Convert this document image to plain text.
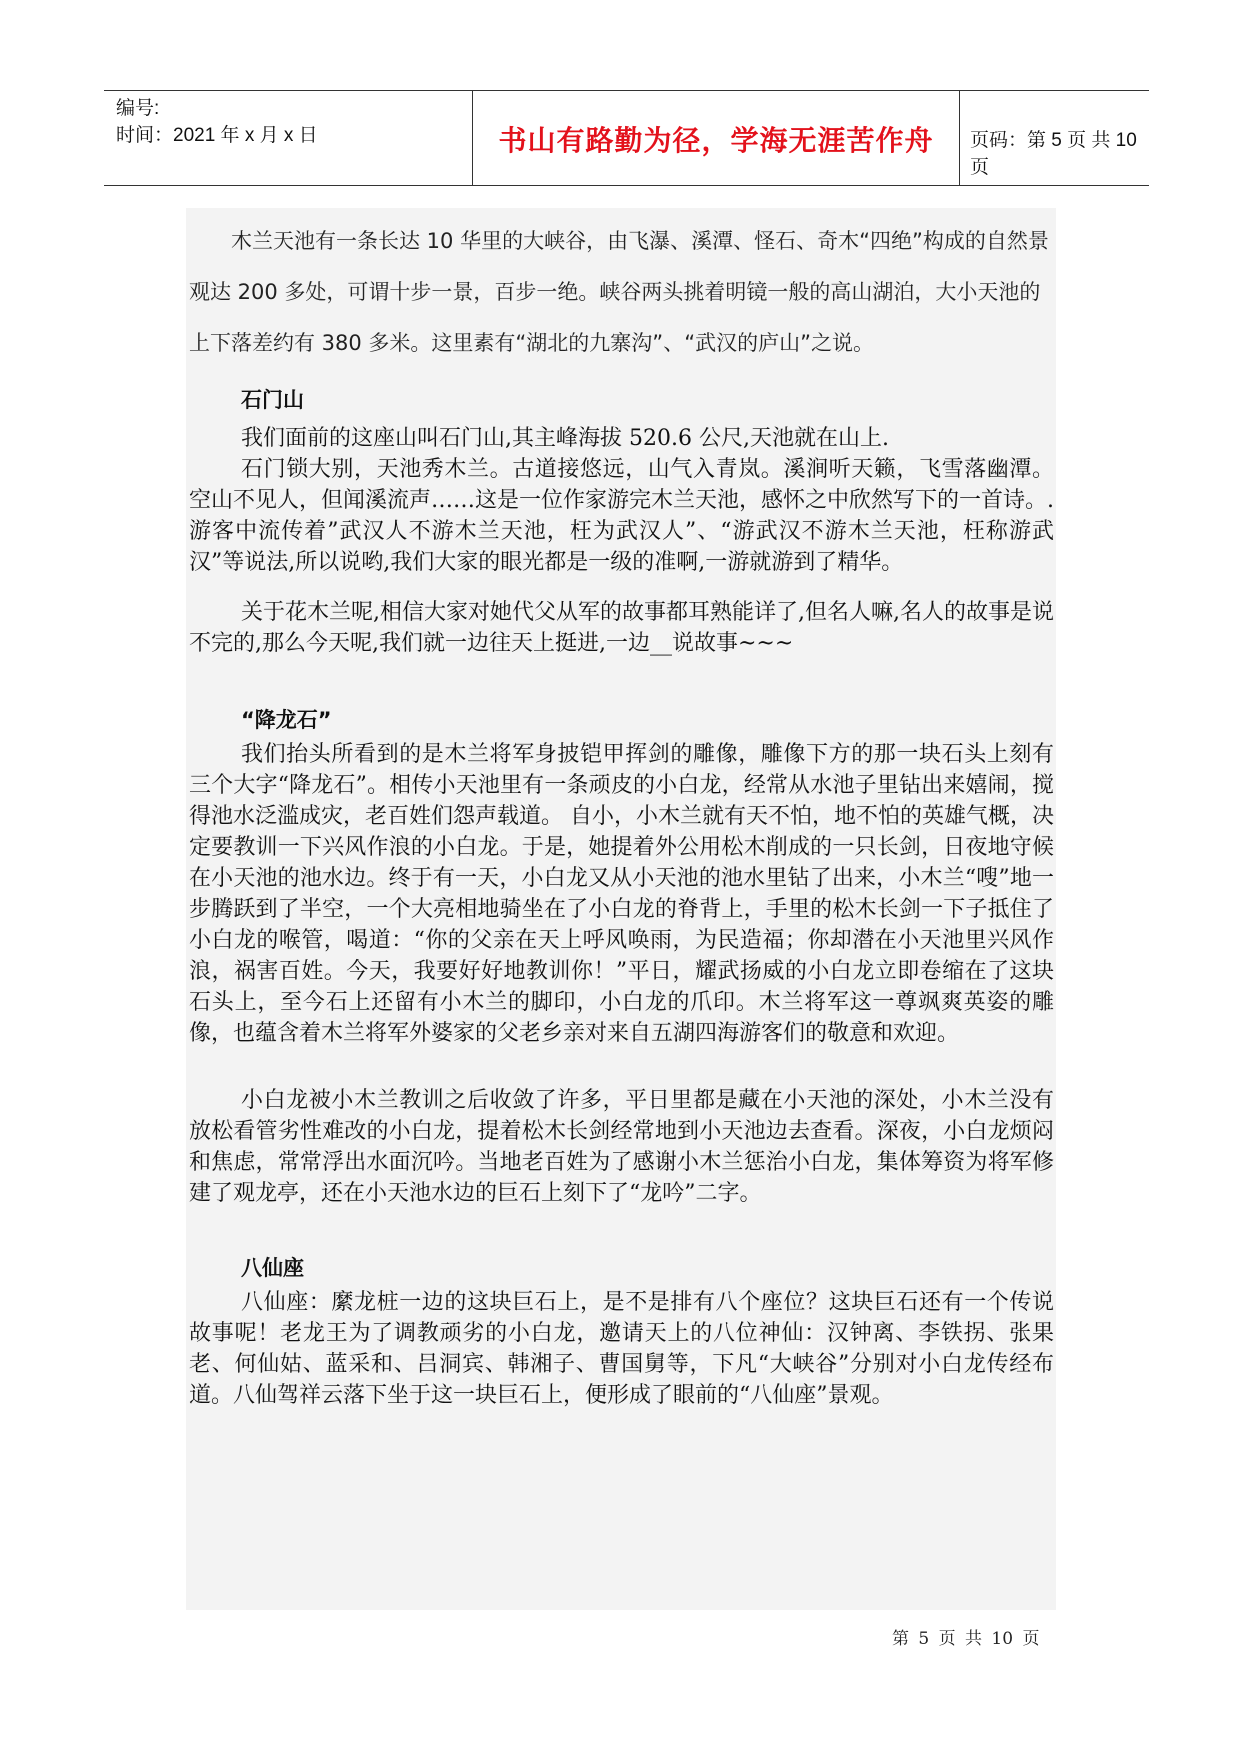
编号:
时间：2021 年 x 月 x 日	书山有路勤为径，学海无涯苦作舟	页码：第 5 页 共 10 页

木兰天池有一条长达 10 华里的大峡谷，由飞瀑、溪潭、怪石、奇木“四绝”构成的自然景观达 200 多处，可谓十步一景，百步一绝。峡谷两头挑着明镜一般的高山湖泊，大小天池的上下落差约有 380 多米。这里素有“湖北的九寨沟”、“武汉的庐山”之说。

石门山

我们面前的这座山叫石门山,其主峰海拔 520.6 公尺,天池就在山上.

石门锁大别，天池秀木兰。古道接悠远，山气入青岚。溪涧听天籁，飞雪落幽潭。空山不见人，但闻溪流声……这是一位作家游完木兰天池，感怀之中欣然写下的一首诗。.游客中流传着”武汉人不游木兰天池，枉为武汉人”、“游武汉不游木兰天池，枉称游武汉”等说法,所以说哟,我们大家的眼光都是一级的准啊,一游就游到了精华。

关于花木兰呢,相信大家对她代父从军的故事都耳熟能详了,但名人嘛,名人的故事是说不完的,那么今天呢,我们就一边往天上挺进,一边__说故事~~~

“降龙石”

我们抬头所看到的是木兰将军身披铠甲挥剑的雕像，雕像下方的那一块石头上刻有三个大字“降龙石”。相传小天池里有一条顽皮的小白龙，经常从水池子里钻出来嬉闹，搅得池水泛滥成灾，老百姓们怨声载道。 自小，小木兰就有天不怕，地不怕的英雄气概，决定要教训一下兴风作浪的小白龙。于是，她提着外公用松木削成的一只长剑，日夜地守候在小天池的池水边。终于有一天，小白龙又从小天池的池水里钻了出来，小木兰“嗖”地一步腾跃到了半空，一个大亮相地骑坐在了小白龙的脊背上，手里的松木长剑一下子抵住了小白龙的喉管，喝道：“你的父亲在天上呼风唤雨，为民造福；你却潜在小天池里兴风作浪，祸害百姓。今天，我要好好地教训你！”平日，耀武扬威的小白龙立即卷缩在了这块石头上，至今石上还留有小木兰的脚印，小白龙的爪印。木兰将军这一尊飒爽英姿的雕像，也蕴含着木兰将军外婆家的父老乡亲对来自五湖四海游客们的敬意和欢迎。

小白龙被小木兰教训之后收敛了许多，平日里都是藏在小天池的深处，小木兰没有放松看管劣性难改的小白龙，提着松木长剑经常地到小天池边去查看。深夜，小白龙烦闷和焦虑，常常浮出水面沉吟。当地老百姓为了感谢小木兰惩治小白龙，集体筹资为将军修建了观龙亭，还在小天池水边的巨石上刻下了“龙吟”二字。

八仙座

八仙座：縻龙桩一边的这块巨石上，是不是排有八个座位？这块巨石还有一个传说故事呢！老龙王为了调教顽劣的小白龙，邀请天上的八位神仙：汉钟离、李铁拐、张果老、何仙姑、蓝采和、吕洞宾、韩湘子、曹国舅等，下凡“大峡谷”分别对小白龙传经布道。八仙驾祥云落下坐于这一块巨石上，便形成了眼前的“八仙座”景观。

第 5 页 共 10 页
